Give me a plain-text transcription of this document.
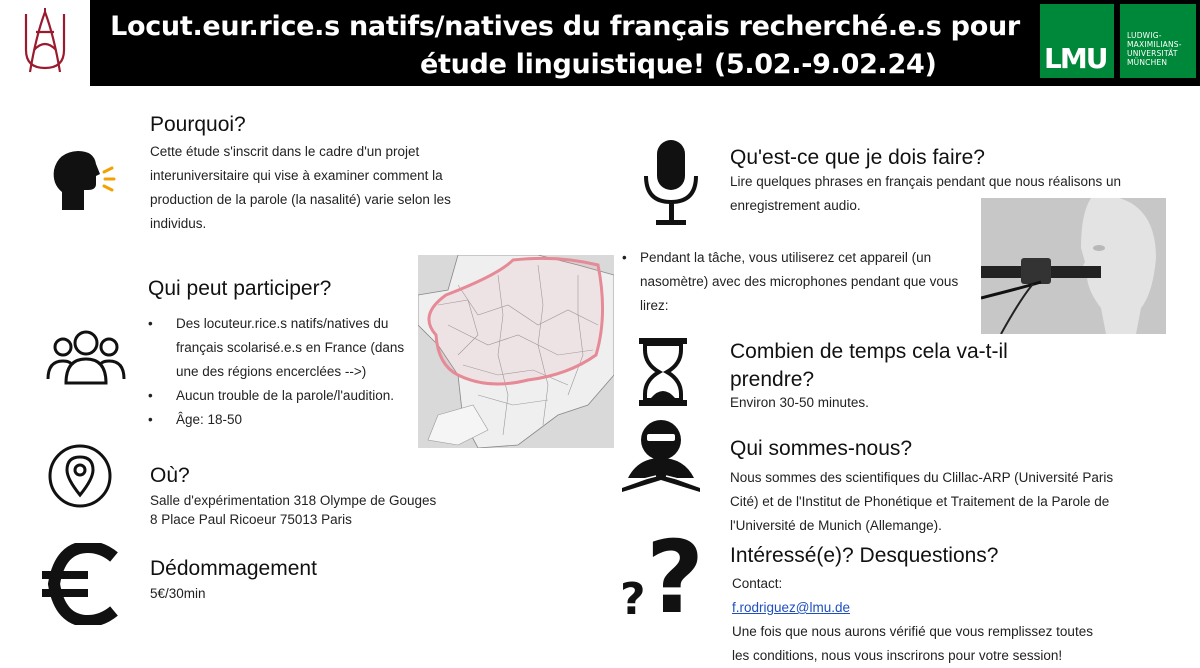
Locut.eur.rice.s natifs/natives du français recherché.e.s pour
étude linguistique! (5.02.-9.02.24)	LMU
LUDWIG-
MAXIMILIANS-
UNIVERSITÄT
MÜNCHEN
Pourquoi?
Cette étude s'inscrit dans le cadre d'un projet
interuniversitaire qui vise à examiner comment la
production de la parole (la nasalité) varie selon les
individus.
Qui peut participer?
• Des locuteur.rice.s natifs/natives du
français scolarisé.e.s en France (dans
une des régions encerclées -->)
• Aucun trouble de la parole/l'audition.
• Âge: 18-50
Où?
Salle d'expérimentation 318 Olympe de Gouges
8 Place Paul Ricoeur 75013 Paris
Dédommagement
5€/30min
Qu'est-ce que je dois faire?
Lire quelques phrases en français pendant que nous réalisons un
enregistrement audio.
• Pendant la tâche, vous utiliserez cet appareil (un
nasomètre) avec des microphones pendant que vous
lirez:
Combien de temps cela va-t-il
prendre?
Environ 30-50 minutes.
Qui sommes-nous?
Nous sommes des scientifiques du Clillac-ARP (Université Paris
Cité) et de l'Institut de Phonétique et Traitement de la Parole de
l'Université de Munich (Allemange).
?
?
Intéressé(e)? Desquestions?
Contact:
f.rodriguez@lmu.de
Une fois que nous aurons vérifié que vous remplissez toutes
les conditions, nous vous inscrirons pour votre session!
